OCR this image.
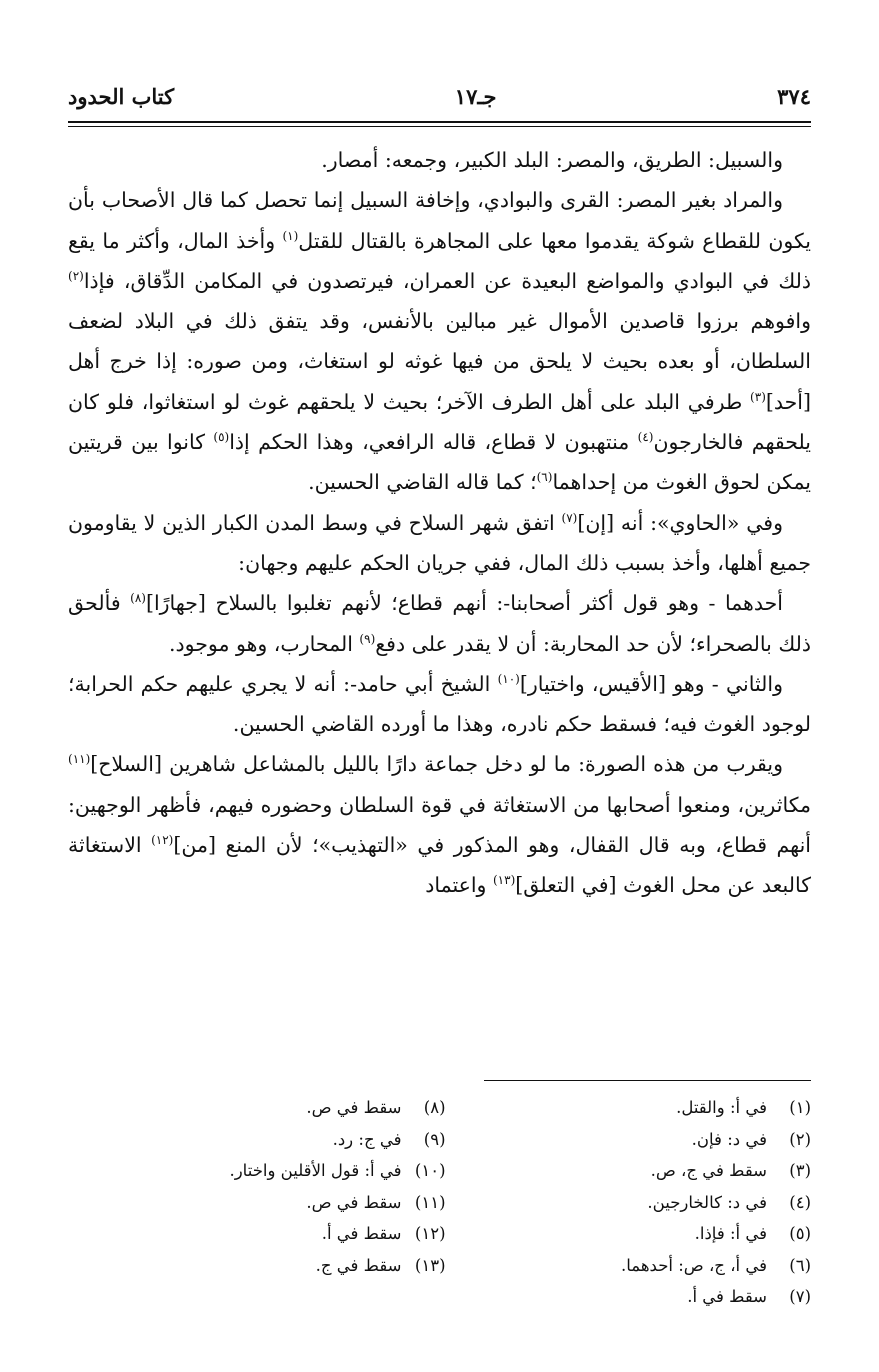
٣٧٤
جـ١٧
كتاب الحدود

والسبيل: الطريق، والمصر: البلد الكبير، وجمعه: أمصار.

والمراد بغير المصر: القرى والبوادي، وإخافة السبيل إنما تحصل كما قال الأصحاب بأن يكون للقطاع شوكة يقدموا معها على المجاهرة بالقتال للقتل$^{(١)}$ وأخذ المال، وأكثر ما يقع ذلك في البوادي والمواضع البعيدة عن العمران، فيرتصدون في المكامن الدِّقاق، فإذا$^{(٢)}$ وافوهم برزوا قاصدين الأموال غير مبالين بالأنفس، وقد يتفق ذلك في البلاد لضعف السلطان، أو بعده بحيث لا يلحق من فيها غوثه لو استغاث، ومن صوره: إذا خرج أهل [أحد]$^{(٣)}$ طرفي البلد على أهل الطرف الآخر؛ بحيث لا يلحقهم غوث لو استغاثوا، فلو كان يلحقهم فالخارجون$^{(٤)}$ منتهبون لا قطاع، قاله الرافعي، وهذا الحكم إذا$^{(٥)}$ كانوا بين قريتين يمكن لحوق الغوث من إحداهما$^{(٦)}$؛ كما قاله القاضي الحسين.

وفي «الحاوي»: أنه [إن]$^{(٧)}$ اتفق شهر السلاح في وسط المدن الكبار الذين لا يقاومون جميع أهلها، وأخذ بسبب ذلك المال، ففي جريان الحكم عليهم وجهان:

أحدهما - وهو قول أكثر أصحابنا-: أنهم قطاع؛ لأنهم تغلبوا بالسلاح [جهارًا]$^{(٨)}$ فألحق ذلك بالصحراء؛ لأن حد المحاربة: أن لا يقدر على دفع$^{(٩)}$ المحارب، وهو موجود.

والثاني - وهو [الأقيس، واختيار]$^{(١٠)}$ الشيخ أبي حامد-: أنه لا يجري عليهم حكم الحرابة؛ لوجود الغوث فيه؛ فسقط حكم نادره، وهذا ما أورده القاضي الحسين.

ويقرب من هذه الصورة: ما لو دخل جماعة دارًا بالليل بالمشاعل شاهرين [السلاح]$^{(١١)}$ مكاثرين، ومنعوا أصحابها من الاستغاثة في قوة السلطان وحضوره فيهم، فأظهر الوجهين: أنهم قطاع، وبه قال القفال، وهو المذكور في «التهذيب»؛ لأن المنع [من]$^{(١٢)}$ الاستغاثة كالبعد عن محل الغوث [في التعلق]$^{(١٣)}$ واعتماد

(١)
في أ: والقتل.
(٢)
في د: فإن.
(٣)
سقط في ج، ص.
(٤)
في د: كالخارجين.
(٥)
في أ: فإذا.
(٦)
في أ، ج، ص: أحدهما.
(٧)
سقط في أ.
(٨)
سقط في ص.
(٩)
في ج: رد.
(١٠)
في أ: قول الأقلين واختار.
(١١)
سقط في ص.
(١٢)
سقط في أ.
(١٣)
سقط في ج.
